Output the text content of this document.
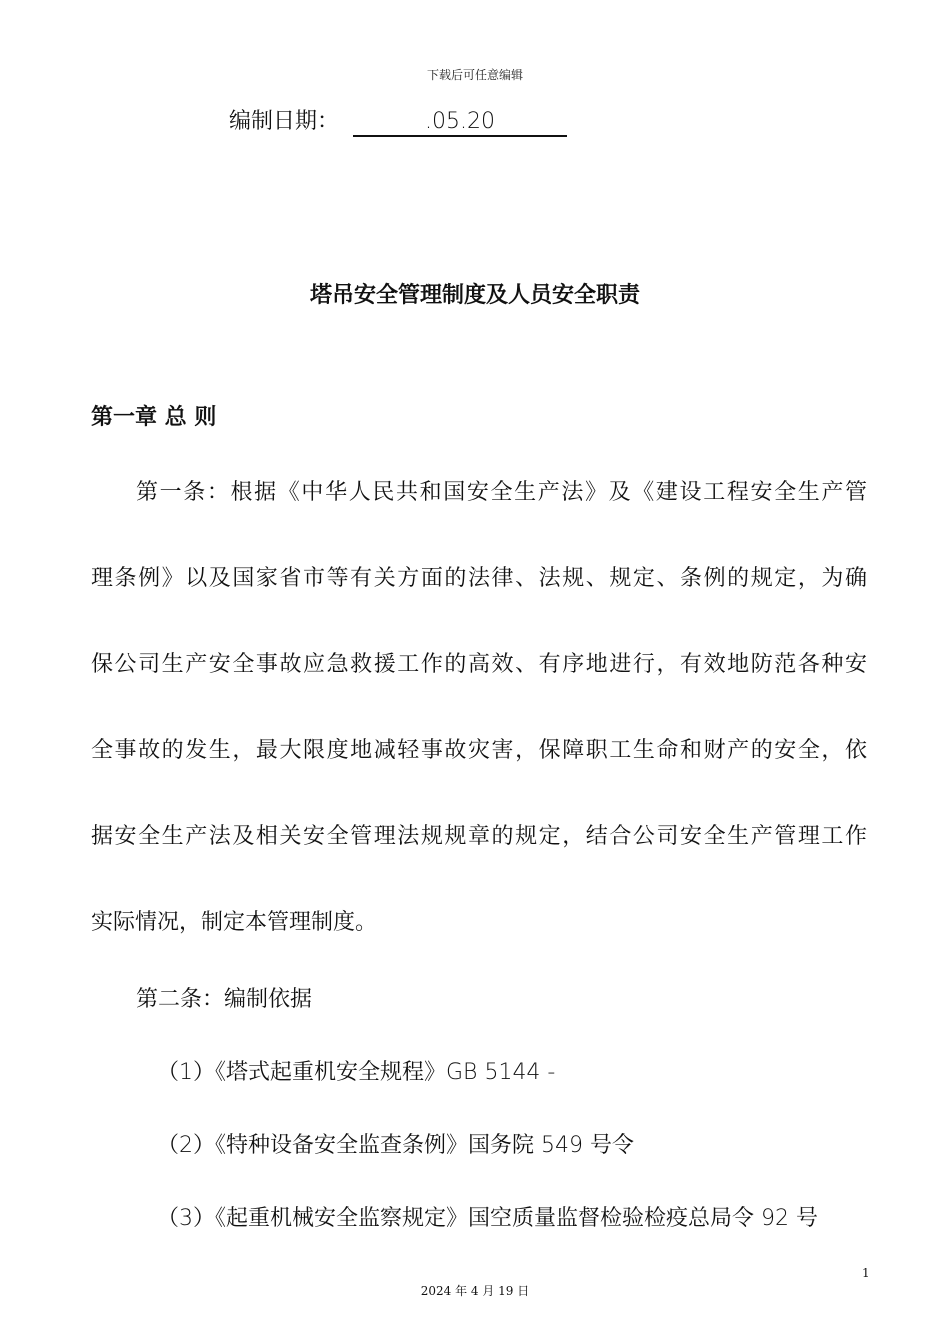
下载后可任意编辑
编制日期：	.05.20
塔吊安全管理制度及人员安全职责
第一章 总 则
第一条：根据《中华人民共和国安全生产法》及《建设工程安全生产管
理条例》以及国家省市等有关方面的法律、法规、规定、条例的规定，为确
保公司生产安全事故应急救援工作的高效、有序地进行，有效地防范各种安
全事故的发生，最大限度地减轻事故灾害，保障职工生命和财产的安全，依
据安全生产法及相关安全管理法规规章的规定，结合公司安全生产管理工作
实际情况，制定本管理制度。
第二条：编制依据
（1）《塔式起重机安全规程》GB 5144 -
（2）《特种设备安全监查条例》国务院 549 号令
（3）《起重机械安全监察规定》国空质量监督检验检疫总局令 92 号
1
2024 年 4 月 19 日
